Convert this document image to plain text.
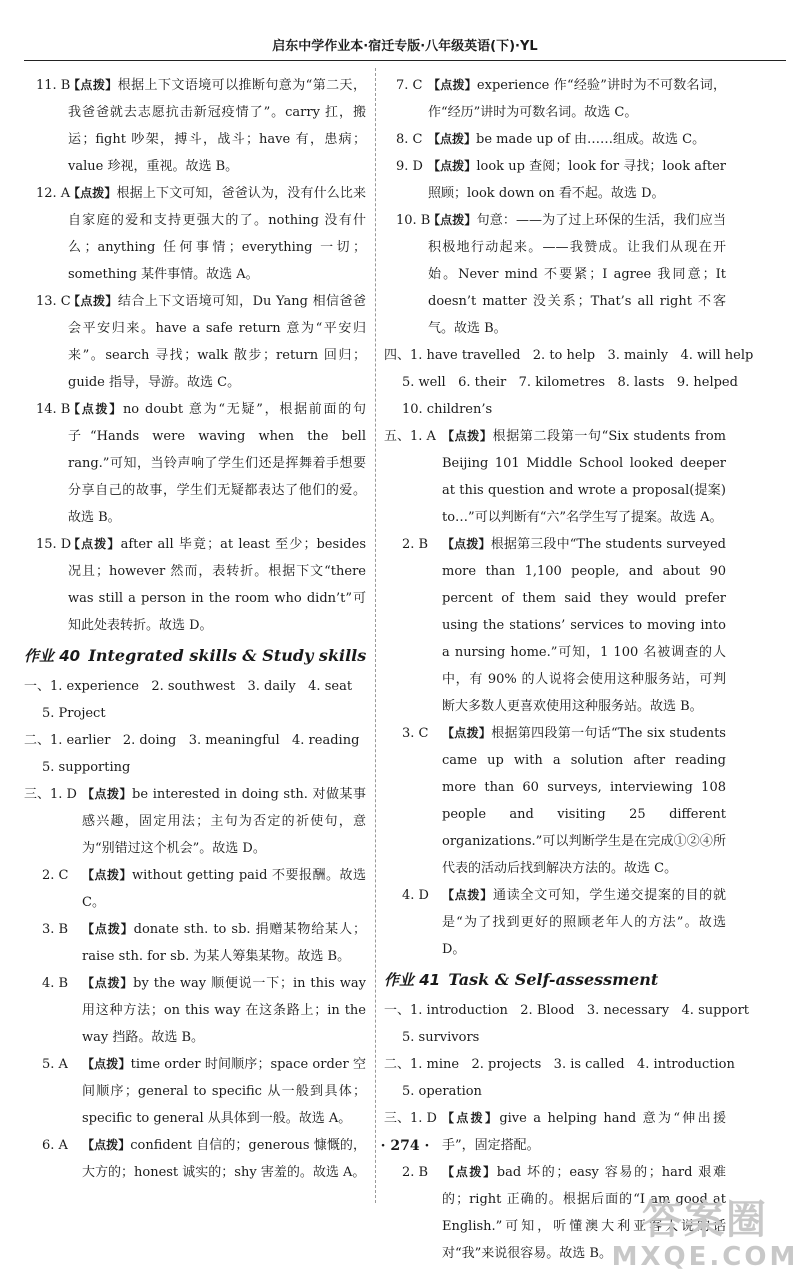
启东中学作业本·宿迁专版·八年级英语(下)·YL
11. B
【点拨】根据上下文语境可以推断句意为“第二天，我爸爸就去志愿抗击新冠疫情了”。carry 扛，搬运；fight 吵架，搏斗，战斗；have 有，患病；value 珍视，重视。故选 B。
12. A
【点拨】根据上下文可知，爸爸认为，没有什么比来自家庭的爱和支持更强大的了。nothing 没有什么；anything 任何事情；everything 一切；something 某件事情。故选 A。
13. C
【点拨】结合上下文语境可知，Du Yang 相信爸爸会平安归来。have a safe return 意为“平安归来”。search 寻找；walk 散步；return 回归；guide 指导，导游。故选 C。
14. B
【点拨】no doubt 意为“无疑”，根据前面的句子“Hands were waving when the bell rang.”可知，当铃声响了学生们还是挥舞着手想要分享自己的故事，学生们无疑都表达了他们的爱。故选 B。
15. D
【点拨】after all 毕竟；at least 至少；besides 况且；however 然而，表转折。根据下文“there was still a person in the room who didn’t”可知此处表转折。故选 D。
作业 40 Integrated skills & Study skills
一、1. experience   2. southwest   3. daily   4. seat
5. Project
二、1. earlier   2. doing   3. meaningful   4. reading
5. supporting
三、1. D 【点拨】be interested in doing sth. 对做某事感兴趣，固定用法；主句为否定的祈使句，意为“别错过这个机会”。故选 D。
2. C	【点拨】without getting paid 不要报酬。故选 C。
3. B	【点拨】donate sth. to sb. 捐赠某物给某人；raise sth. for sb. 为某人筹集某物。故选 B。
4. B	【点拨】by the way 顺便说一下；in this way 用这种方法；on this way 在这条路上；in the way 挡路。故选 B。
5. A	【点拨】time order 时间顺序；space order 空间顺序；general to specific 从一般到具体；specific to general 从具体到一般。故选 A。
6. A	【点拨】confident 自信的；generous 慷慨的，大方的；honest 诚实的；shy 害羞的。故选 A。
7. C 【点拨】experience 作“经验”讲时为不可数名词，作“经历”讲时为可数名词。故选 C。
8. C 【点拨】be made up of 由……组成。故选 C。
9. D 【点拨】look up 查阅；look for 寻找；look after 照顾；look down on 看不起。故选 D。
10. B
【点拨】句意：——为了过上环保的生活，我们应当积极地行动起来。——我赞成。让我们从现在开始。Never mind 不要紧；I agree 我同意；It doesn’t matter 没关系；That’s all right 不客气。故选 B。
四、1. have travelled   2. to help   3. mainly   4. will help
5. well   6. their   7. kilometres   8. lasts   9. helped
10. children’s
五、1. A 【点拨】根据第二段第一句“Six students from Beijing 101 Middle School looked deeper at this question and wrote a proposal(提案) to…”可以判断有“六”名学生写了提案。故选 A。
2. B	【点拨】根据第三段中“The students surveyed more than 1,100 people, and about 90 percent of them said they would prefer using the stations’ services to moving into a nursing home.”可知，1 100 名被调查的人中，有 90% 的人说将会使用这种服务站，可判断大多数人更喜欢使用这种服务站。故选 B。
3. C	【点拨】根据第四段第一句话“The six students came up with a solution after reading more than 60 surveys, interviewing 108 people and visiting 25 different organizations.”可以判断学生是在完成①②④所代表的活动后找到解决方法的。故选 C。
4. D	【点拨】通读全文可知，学生递交提案的目的就是“为了找到更好的照顾老年人的方法”。故选 D。
作业 41 Task & Self-assessment
一、1. introduction   2. Blood   3. necessary   4. support
5. survivors
二、1. mine   2. projects   3. is called   4. introduction
5. operation
三、1. D 【点拨】give a helping hand 意为“伸出援手”，固定搭配。
2. B	【点拨】bad 坏的；easy 容易的；hard 艰难的；right 正确的。根据后面的“I am good at English.”可知，听懂澳大利亚客人说的话对“我”来说很容易。故选 B。
· 274 ·
答案圈
MXQE.COM
